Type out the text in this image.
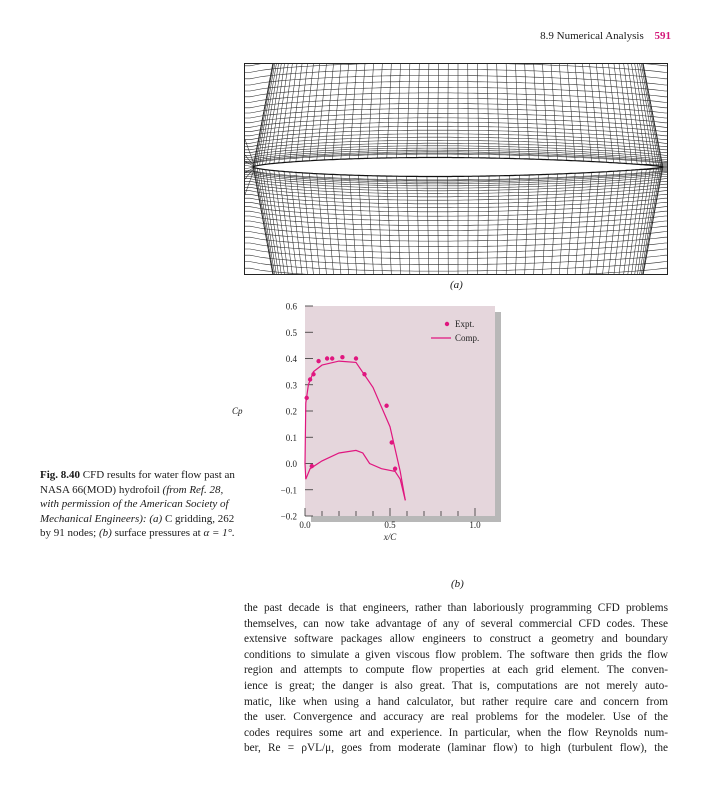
8.9 Numerical Analysis 591
(a)
0.6
0.5
0.4
0.3
0.2
0.1
0.0
−0.1
−0.2
0.0	0.5	1.0
x/C
Cp
Expt.
Comp.
(b)
Fig. 8.40 CFD results for water flow past an NASA 66(MOD) hydrofoil (from Ref. 28, with permission of the American Society of Mechanical Engineers): (a) C gridding, 262 by 91 nodes; (b) surface pressures at α = 1°.
the past decade is that engineers, rather than laboriously programming CFD problems
themselves, can now take advantage of any of several commercial CFD codes. These
extensive software packages allow engineers to construct a geometry and boundary
conditions to simulate a given viscous flow problem. The software then grids the flow
region and attempts to compute flow properties at each grid element. The conven-
ience is great; the danger is also great. That is, computations are not merely auto-
matic, like when using a hand calculator, but rather require care and concern from
the user. Convergence and accuracy are real problems for the modeler. Use of the
codes requires some art and experience. In particular, when the flow Reynolds num-
ber, Re = ρVL/μ, goes from moderate (laminar flow) to high (turbulent flow), the
